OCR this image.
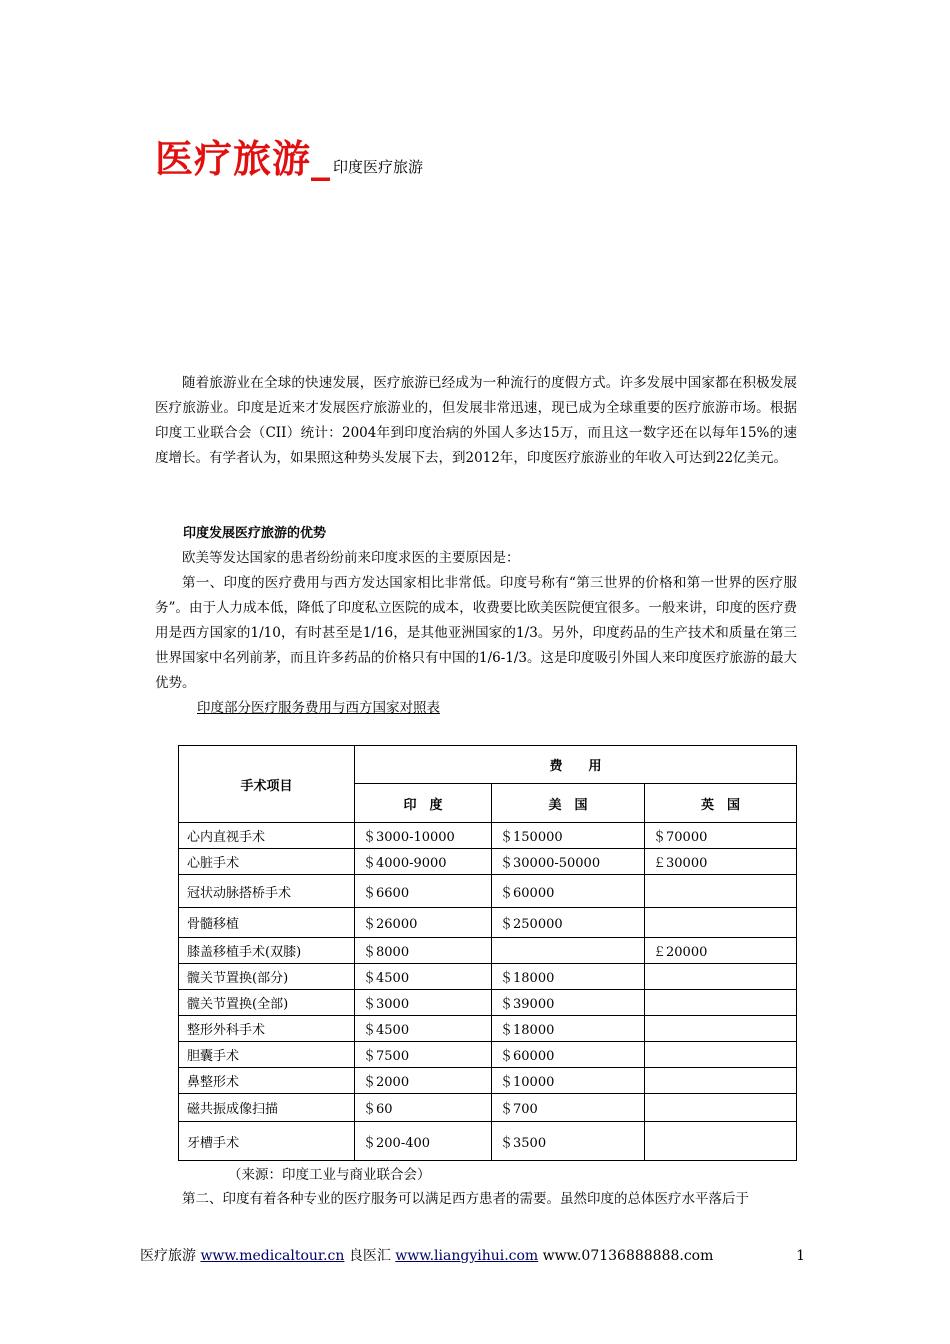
医疗旅游_ 印度医疗旅游

随着旅游业在全球的快速发展，医疗旅游已经成为一种流行的度假方式。许多发展中国家都在积极发展医疗旅游业。印度是近来才发展医疗旅游业的，但发展非常迅速，现已成为全球重要的医疗旅游市场。根据印度工业联合会（CII）统计：2004年到印度治病的外国人多达15万，而且这一数字还在以每年15%的速度增长。有学者认为，如果照这种势头发展下去，到2012年，印度医疗旅游业的年收入可达到22亿美元。

印度发展医疗旅游的优势

欧美等发达国家的患者纷纷前来印度求医的主要原因是：

第一、印度的医疗费用与西方发达国家相比非常低。印度号称有“第三世界的价格和第一世界的医疗服务”。由于人力成本低，降低了印度私立医院的成本，收费要比欧美医院便宜很多。一般来讲，印度的医疗费用是西方国家的1/10，有时甚至是1/16，是其他亚洲国家的1/3。另外，印度药品的生产技术和质量在第三世界国家中名列前茅，而且许多药品的价格只有中国的1/6-1/3。这是印度吸引外国人来印度医疗旅游的最大优势。

印度部分医疗服务费用与西方国家对照表

手术项目	费　　用		
	印　度	美　国	英　国
心内直视手术	＄3000-10000	＄150000	＄70000
心脏手术	＄4000-9000	＄30000-50000	￡30000
冠状动脉搭桥手术	＄6600	＄60000	
骨髓移植	＄26000	＄250000	
膝盖移植手术(双膝)	＄8000		￡20000
髋关节置换(部分)	＄4500	＄18000	
髋关节置换(全部)	＄3000	＄39000	
整形外科手术	＄4500	＄18000	
胆囊手术	＄7500	＄60000	
鼻整形术	＄2000	＄10000	
磁共振成像扫描	＄60	＄700	
牙槽手术	＄200-400	＄3500	

（来源：印度工业与商业联合会）

第二、印度有着各种专业的医疗服务可以满足西方患者的需要。虽然印度的总体医疗水平落后于

医疗旅游 www.medicaltour.cn 良医汇 www.liangyihui.com www.07136888888.com	1
